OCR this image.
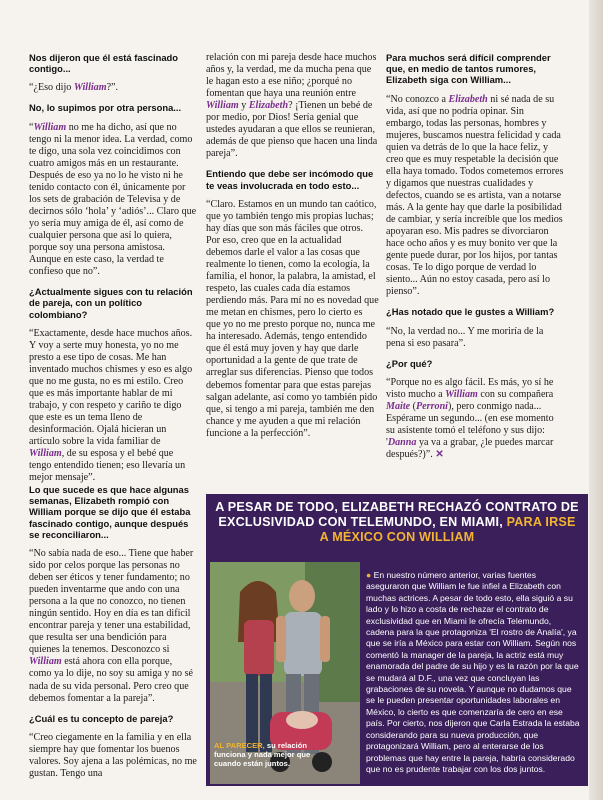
Nos dijeron que él está fascinado contigo...

“¿Eso dijo William?”.

No, lo supimos por otra persona...

“William no me ha dicho, así que no tengo ni la menor idea. La verdad, como te digo, una sola vez coincidimos con cuatro amigos más en un restaurante. Después de eso ya no lo he visto ni he tenido contacto con él, únicamente por los sets de grabación de Televisa y de decirnos sólo ‘hola’ y ‘adiós’... Claro que yo sería muy amiga de él, así como de cualquier persona que así lo quiera, porque soy una persona amistosa. Aunque en este caso, la verdad te confieso que no”.

¿Actualmente sigues con tu relación de pareja, con un político colombiano?

“Exactamente, desde hace muchos años. Y voy a serte muy honesta, yo no me presto a ese tipo de cosas. Me han inventado muchos chismes y eso es algo que no me gusta, no es mi estilo. Creo que es más importante hablar de mi trabajo, y con respeto y cariño te digo que este es un tema lleno de desinformación. Ojalá hicieran un artículo sobre la vida familiar de William, de su esposa y el bebé que tengo entendido tienen; eso llevaría un mejor mensaje”.

Lo que sucede es que hace algunas semanas, Elizabeth rompió con William porque se dijo que él estaba fascinado contigo, aunque después se reconciliaron...

“No sabía nada de eso... Tiene que haber sido por celos porque las personas no deben ser éticos y tener fundamento; no pueden inventarme que ando con una persona a la que no conozco, no tienen ningún sentido. Hoy en día es tan difícil encontrar pareja y tener una estabilidad, que resulta ser una bendición para quienes la tenemos. Desconozco si William está ahora con ella porque, como ya lo dije, no soy su amiga y no sé nada de su vida personal. Pero creo que debemos fomentar a la pareja”.

¿Cuál es tu concepto de pareja?

“Creo ciegamente en la familia y en ella siempre hay que fomentar los buenos valores. Soy ajena a las polémicas, no me gustan. Tengo una

relación con mi pareja desde hace muchos años y, la verdad, me da mucha pena que le hagan esto a ese niño; ¿porqué no fomentan que haya una reunión entre William y Elizabeth? ¡Tienen un bebé de por medio, por Dios! Sería genial que ustedes ayudaran a que ellos se reunieran, además de que pienso que hacen una linda pareja”.

Entiendo que debe ser incómodo que te veas involucrada en todo esto...

“Claro. Estamos en un mundo tan caótico, que yo también tengo mis propias luchas; hay días que son más fáciles que otros. Por eso, creo que en la actualidad debemos darle el valor a las cosas que realmente lo tienen, como la ecología, la familia, el honor, la palabra, la amistad, el respeto, las cuales cada día estamos perdiendo más. Para mí no es novedad que me metan en chismes, pero lo cierto es que yo no me presto porque no, nunca me ha interesado. Además, tengo entendido que él está muy joven y hay que darle oportunidad a la gente de que trate de arreglar sus diferencias. Pienso que todos debemos fomentar para que estas parejas salgan adelante, así como yo también pido que, si tengo a mi pareja, también me den chance y me ayuden a que mi relación funcione a la perfección”.

Para muchos será difícil comprender que, en medio de tantos rumores, Elizabeth siga con William...

“No conozco a Elizabeth ni sé nada de su vida, así que no podría opinar. Sin embargo, todas las personas, hombres y mujeres, buscamos nuestra felicidad y cada quien va detrás de lo que la hace feliz, y creo que es muy respetable la decisión que ella haya tomado. Todos cometemos errores y digamos que nuestras cualidades y defectos, cuando se es artista, van a notarse más. A la gente hay que darle la posibilidad de cambiar, y sería increíble que los medios apoyaran eso. Mis padres se divorciaron hace ocho años y es muy bonito ver que la gente puede durar, por los hijos, por tantas cosas. Te lo digo porque de verdad lo siento... Aún no estoy casada, pero así lo pienso”.

¿Has notado que le gustes a William?

“No, la verdad no... Y me moriría de la pena si eso pasara”.

¿Por qué?

“Porque no es algo fácil. Es más, yo sí he visto mucho a William con su compañera Maite (Perroni), pero conmigo nada... Espérame un segundo... (en ese momento su asistente tomó el teléfono y sus dijo: 'Danna ya va a grabar, ¿le puedes marcar después?)”. ✕

A PESAR DE TODO, ELIZABETH RECHAZÓ CONTRATO DE EXCLUSIVIDAD CON TELEMUNDO, EN MIAMI, PARA IRSE A MÉXICO CON WILLIAM
AL PARECER, su relación funciona y nada mejor que cuando están juntos.
● En nuestro número anterior, varias fuentes aseguraron que William le fue infiel a Elizabeth con muchas actrices. A pesar de todo esto, ella siguió a su lado y lo hizo a costa de rechazar el contrato de exclusividad que en Miami le ofrecía Telemundo, cadena para la que protagoniza 'El rostro de Analía', ya que se iría a México para estar con William. Según nos comentó la manager de la pareja, la actriz está muy enamorada del padre de su hijo y es la razón por la que se mudará al D.F., una vez que concluyan las grabaciones de su novela. Y aunque no dudamos que se le pueden presentar oportunidades laborales en México, lo cierto es que comenzaría de cero en ese país. Por cierto, nos dijeron que Carla Estrada la estaba considerando para su nueva producción, que protagonizará William, pero al enterarse de los problemas que hay entre la pareja, habría considerado que no es prudente trabajar con los dos juntos.
